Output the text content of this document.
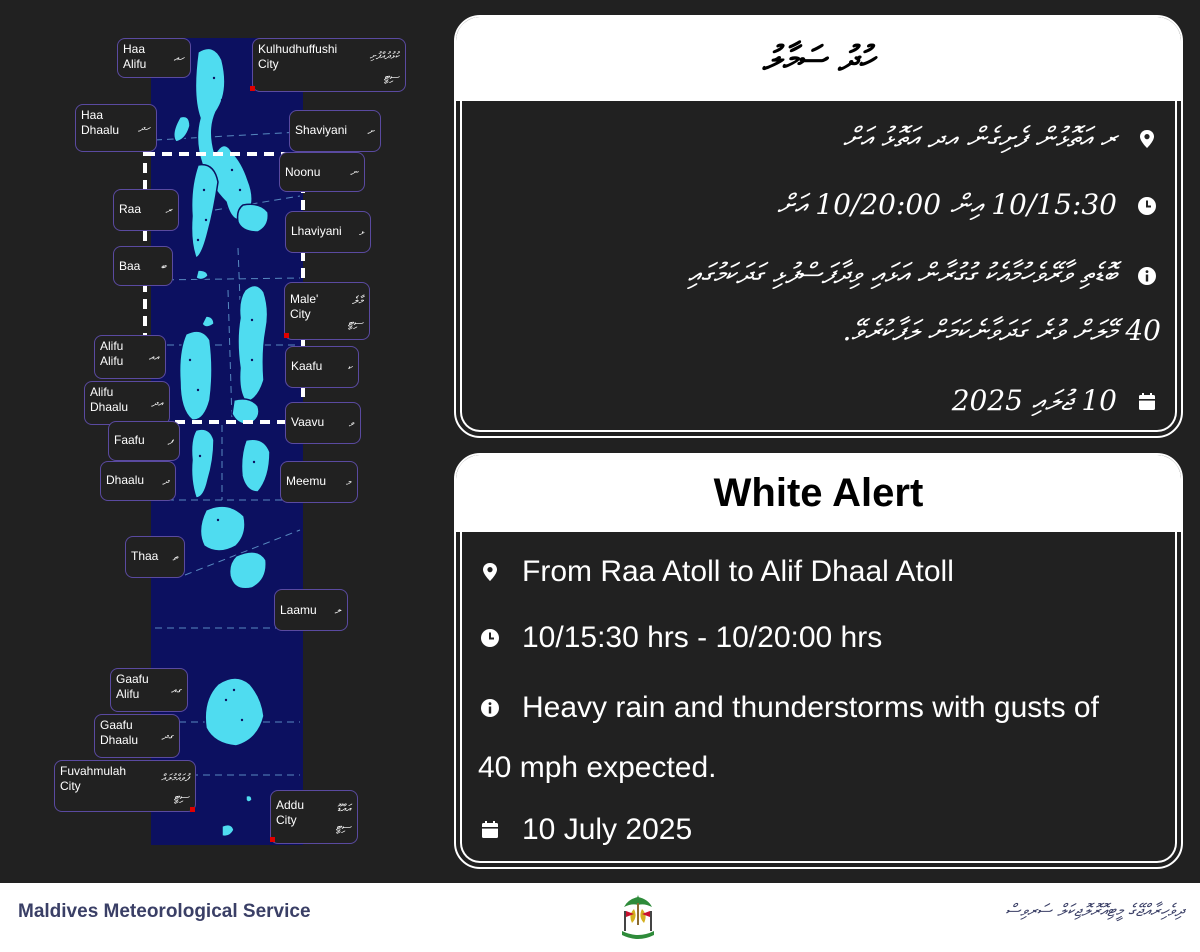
Haa
Alifu	ހއ
Kulhudhuffushi
City
ކުޅުދުއްފުށި
ސިޓީ
Haa
Dhaalu	ހދ	Shaviyani	ށ
Noonu	ނ
Raa	ރ
Lhaviyani	ޅ
Baa	ބ
Male'
City
މާލެ
ސިޓީ
Alifu
Alifu	އއ
Kaafu	ކ
Alifu
Dhaalu	އދ
Vaavu	ވ
Faafu	ފ
Dhaalu	ދ	Meemu	މ
Thaa	ތ
Laamu	ލ
Gaafu
Alifu	ގއ
Gaafu
Dhaalu	ގދ
Fuvahmulah
City
ފުވައްމުލައް
ސިޓީ
Addu
City
އައްޑޫ
ސިޓީ
ހުދު ސަމާލު
ރ އަތޮޅުން ފެށިގެން އދ އަތޮޅު އަށް
10/15:30 އިން 10/20:00 އަށް
ބޮޑެތި ވާރޭވެހުމާއެކު ގުގުރާން އަޅައި ވިދާފަސްފުޅި ގަދަކަމުގައި
40 މޭލަށް ވުރެ ގަދަވާނެކަމަށް ލަފާކުރެވޭ.
10 ޖުލައި 2025
White Alert
From Raa Atoll to Alif Dhaal Atoll
10/15:30 hrs - 10/20:00 hrs
Heavy rain and thunderstorms with gusts of
40 mph expected.
10 July 2025
Maldives Meteorological Service	ދިވެހިރާއްޖޭގެ މީޓިއޮރޮލޮޖިކަލް ސަރވިސް
